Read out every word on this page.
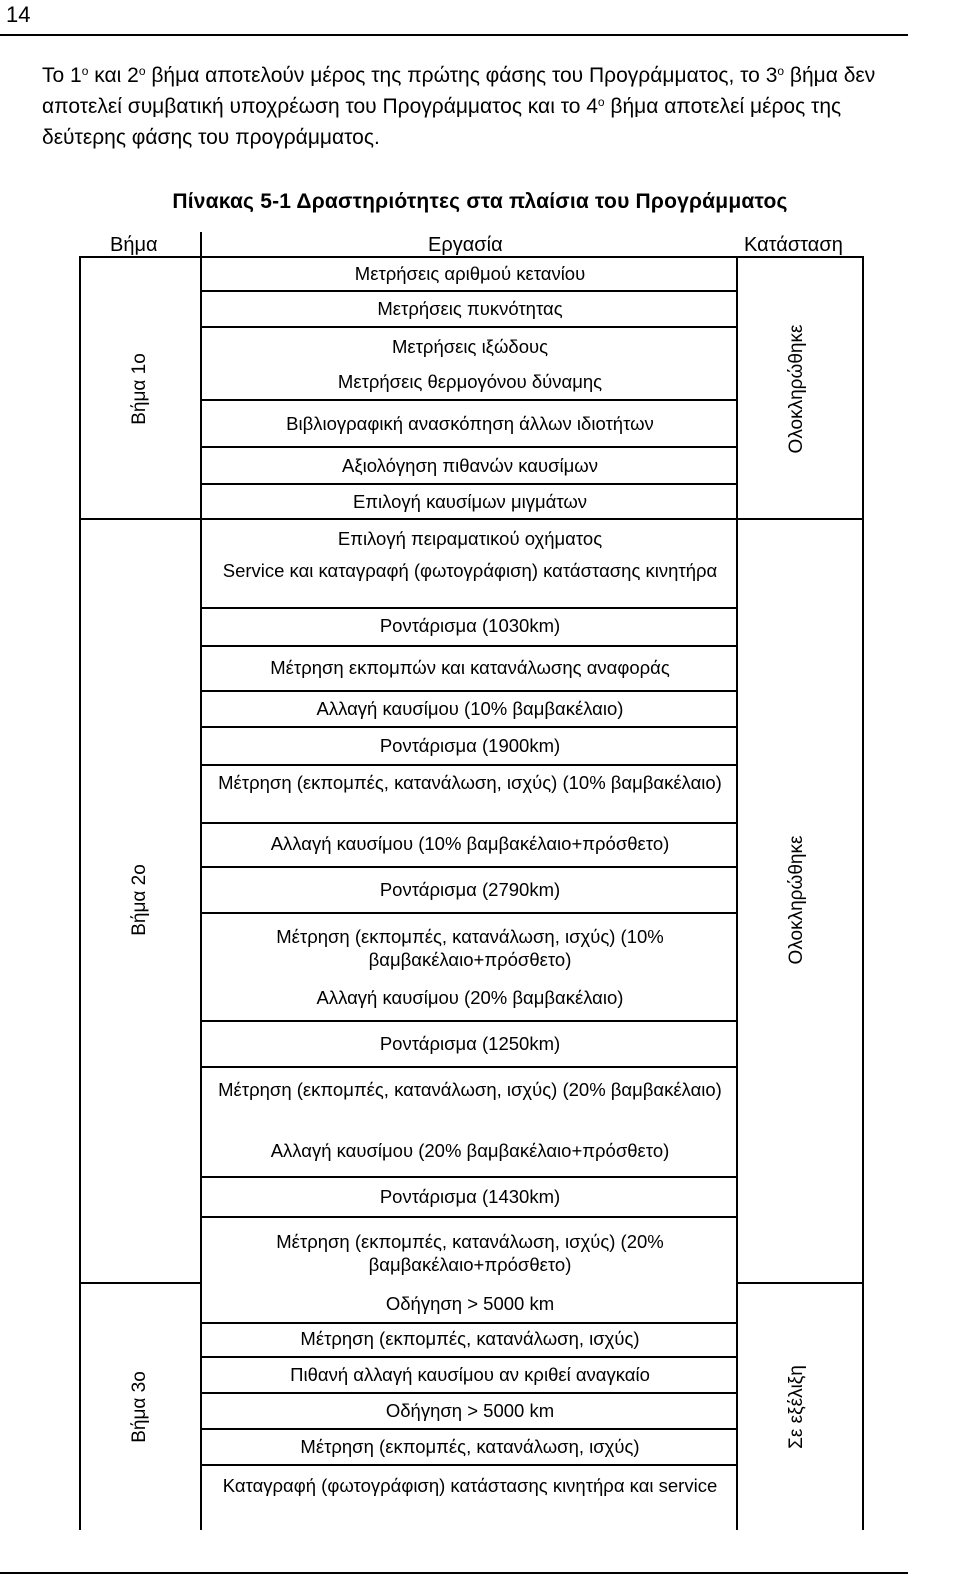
14
Το $1^o$ και $2^o$ βήμα αποτελούν μέρος της πρώτης φάσης του Προγράμματος, το $3^o$ βήμα δεν αποτελεί συμβατική υποχρέωση του Προγράμματος και το $4^o$ βήμα αποτελεί μέρος της δεύτερης φάσης του προγράμματος.
Πίνακας 5-1 Δραστηριότητες στα πλαίσια του Προγράμματος
Βήμα	Εργασία	Κατάσταση
Μετρήσεις αριθμού κετανίου
Μετρήσεις πυκνότητας
Μετρήσεις ιξώδους
Μετρήσεις θερμογόνου δύναμης
Βιβλιογραφική ανασκόπηση άλλων ιδιοτήτων
Αξιολόγηση πιθανών καυσίμων
Επιλογή καυσίμων μιγμάτων
Επιλογή πειραματικού οχήματος
Service και καταγραφή (φωτογράφιση) κατάστασης κινητήρα
Ροντάρισμα (1030km)
Μέτρηση εκπομπών και κατανάλωσης αναφοράς
Αλλαγή καυσίμου (10% βαμβακέλαιο)
Ροντάρισμα (1900km)
Μέτρηση (εκπομπές, κατανάλωση, ισχύς) (10% βαμβακέλαιο)
Αλλαγή καυσίμου (10% βαμβακέλαιο+πρόσθετο)
Ροντάρισμα (2790km)
Μέτρηση (εκπομπές, κατανάλωση, ισχύς) (10% βαμβακέλαιο+πρόσθετο)
Αλλαγή καυσίμου (20% βαμβακέλαιο)
Ροντάρισμα (1250km)
Μέτρηση (εκπομπές, κατανάλωση, ισχύς) (20% βαμβακέλαιο)
Αλλαγή καυσίμου (20% βαμβακέλαιο+πρόσθετο)
Ροντάρισμα (1430km)
Μέτρηση (εκπομπές, κατανάλωση, ισχύς) (20% βαμβακέλαιο+πρόσθετο)
Οδήγηση > 5000 km
Μέτρηση (εκπομπές, κατανάλωση, ισχύς)
Πιθανή αλλαγή καυσίμου αν κριθεί αναγκαίο
Οδήγηση > 5000 km
Μέτρηση (εκπομπές, κατανάλωση, ισχύς)
Καταγραφή (φωτογράφιση) κατάστασης κινητήρα και service
Βήμα 1ο
Βήμα 2ο
Βήμα 3ο
Ολοκληρώθηκε
Ολοκληρώθηκε
Σε εξέλιξη
